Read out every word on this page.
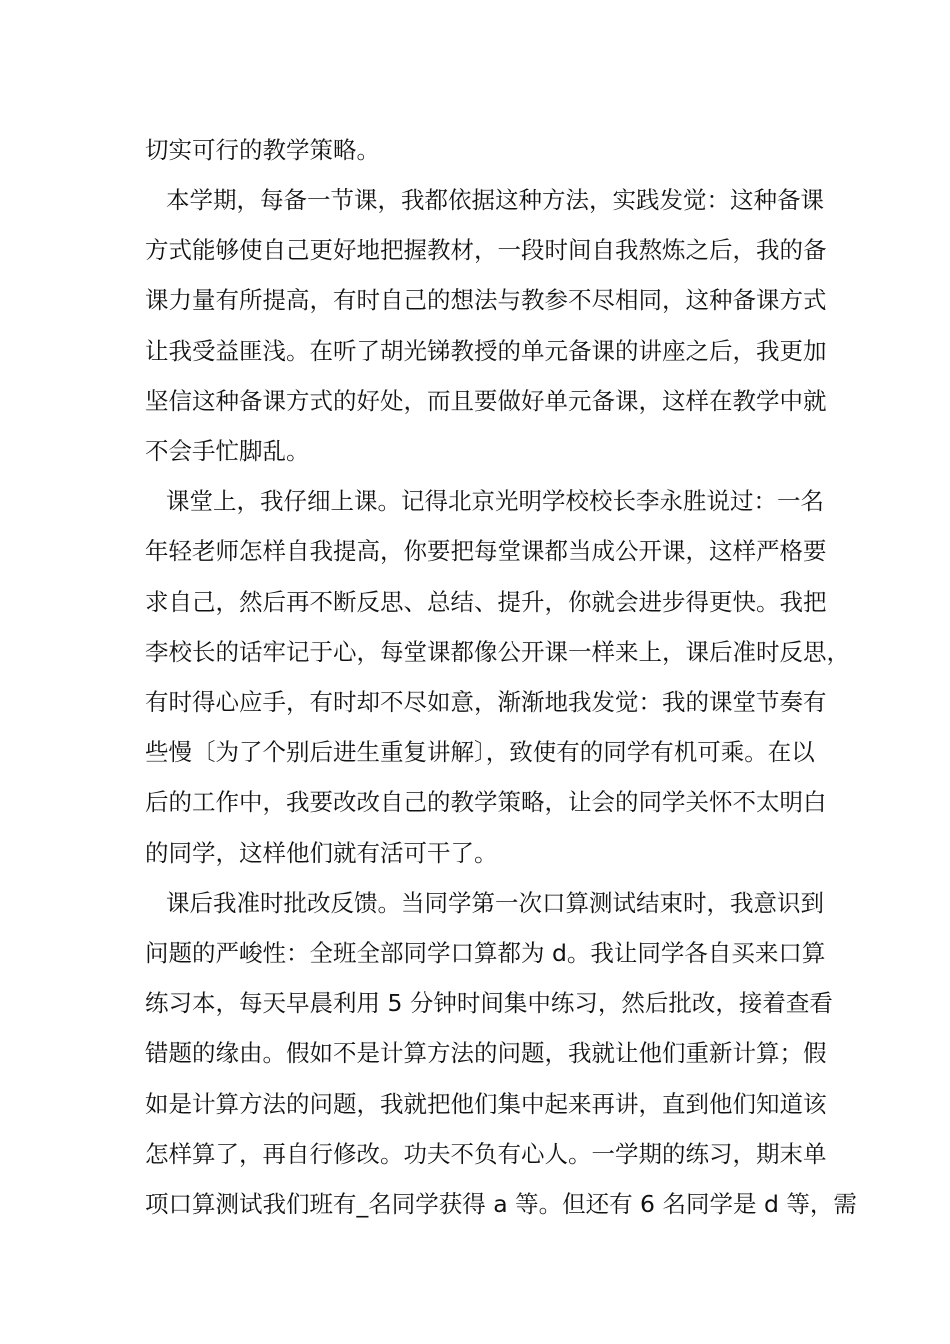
切实可行的教学策略。
本学期，每备一节课，我都依据这种方法，实践发觉：这种备课
方式能够使自己更好地把握教材，一段时间自我熬炼之后，我的备
课力量有所提高，有时自己的想法与教参不尽相同，这种备课方式
让我受益匪浅。在听了胡光锑教授的单元备课的讲座之后，我更加
坚信这种备课方式的好处，而且要做好单元备课，这样在教学中就
不会手忙脚乱。
课堂上，我仔细上课。记得北京光明学校校长李永胜说过：一名
年轻老师怎样自我提高，你要把每堂课都当成公开课，这样严格要
求自己，然后再不断反思、总结、提升，你就会进步得更快。我把
李校长的话牢记于心，每堂课都像公开课一样来上，课后准时反思，
有时得心应手，有时却不尽如意，渐渐地我发觉：我的课堂节奏有
些慢〔为了个别后进生重复讲解〕，致使有的同学有机可乘。在以
后的工作中，我要改改自己的教学策略，让会的同学关怀不太明白
的同学，这样他们就有活可干了。
课后我准时批改反馈。当同学第一次口算测试结束时，我意识到
问题的严峻性：全班全部同学口算都为 d。我让同学各自买来口算
练习本，每天早晨利用 5 分钟时间集中练习，然后批改，接着查看
错题的缘由。假如不是计算方法的问题，我就让他们重新计算；假
如是计算方法的问题，我就把他们集中起来再讲，直到他们知道该
怎样算了，再自行修改。功夫不负有心人。一学期的练习，期末单
项口算测试我们班有_名同学获得 a 等。但还有 6 名同学是 d 等，需
